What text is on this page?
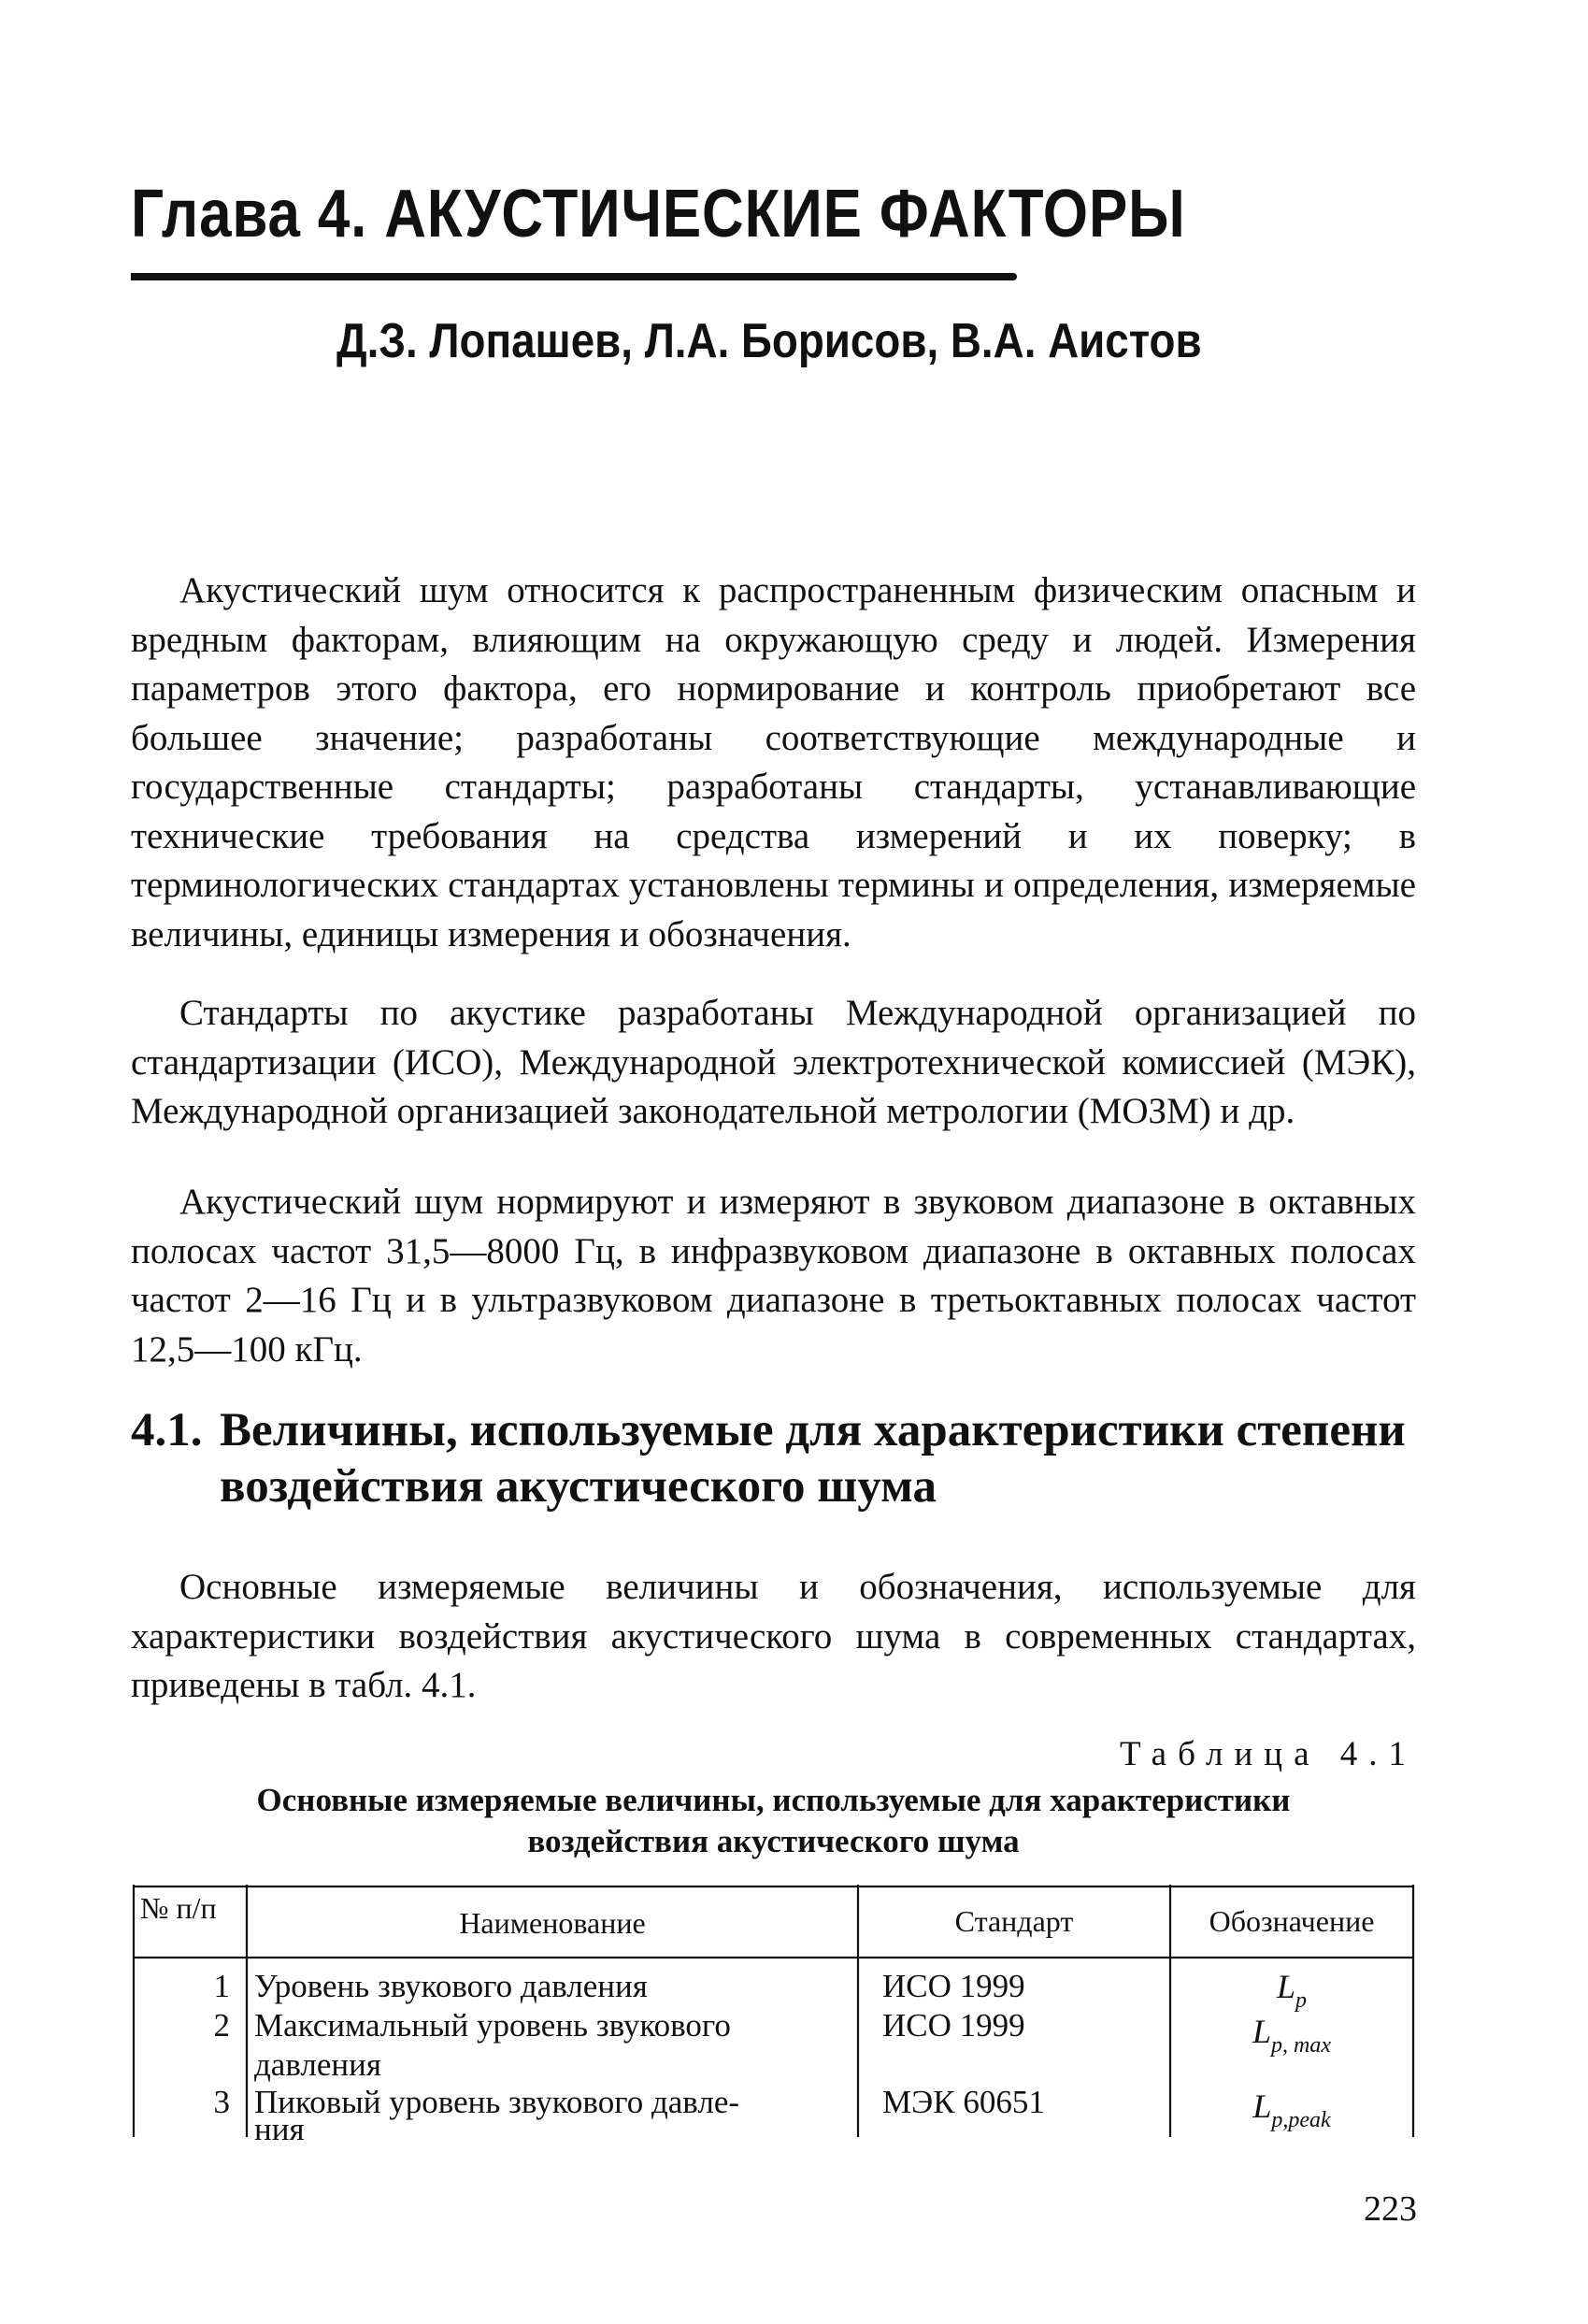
Глава 4. АКУСТИЧЕСКИЕ ФАКТОРЫ
Д.З. Лопашев, Л.А. Борисов, В.А. Аистов

Акустический шум относится к распространенным физическим опасным и вредным факторам, влияющим на окружающую среду и людей. Измерения параметров этого фактора, его нормирование и контроль приобретают все большее значение; разработаны соответствующие международные и государственные стандарты; разработаны стандарты, устанавливающие технические требования на средства измерений и их поверку; в терминологических стандартах установлены термины и определения, измеряемые величины, единицы измерения и обозначения.

Стандарты по акустике разработаны Международной организацией по стандартизации (ИСО), Международной электротехнической комиссией (МЭК), Международной организацией законодательной метрологии (МОЗМ) и др.

Акустический шум нормируют и измеряют в звуковом диапазоне в октавных полосах частот 31,5—8000 Гц, в инфразвуковом диапазоне в октавных полосах частот 2—16 Гц и в ультразвуковом диапазоне в третьоктавных полосах частот 12,5—100 кГц.

4.1. Величины, используемые для характеристики степени
воздействия акустического шума

Основные измеряемые величины и обозначения, используемые для характеристики воздействия акустического шума в современных стандартах, приведены в табл. 4.1.

Таблица 4.1
Основные измеряемые величины, используемые для характеристики
воздействия акустического шума
№ п/п	Наименование	Стандарт	Обозначение
1 Уровень звукового давления	ИСО 1999	$L_p$
2 Максимальный уровень звукового
давления
ИСО 1999	$L_{p, max}$
3 Пиковый уровень звукового давле-
ния
МЭК 60651	$L_{p,peak}$
223
